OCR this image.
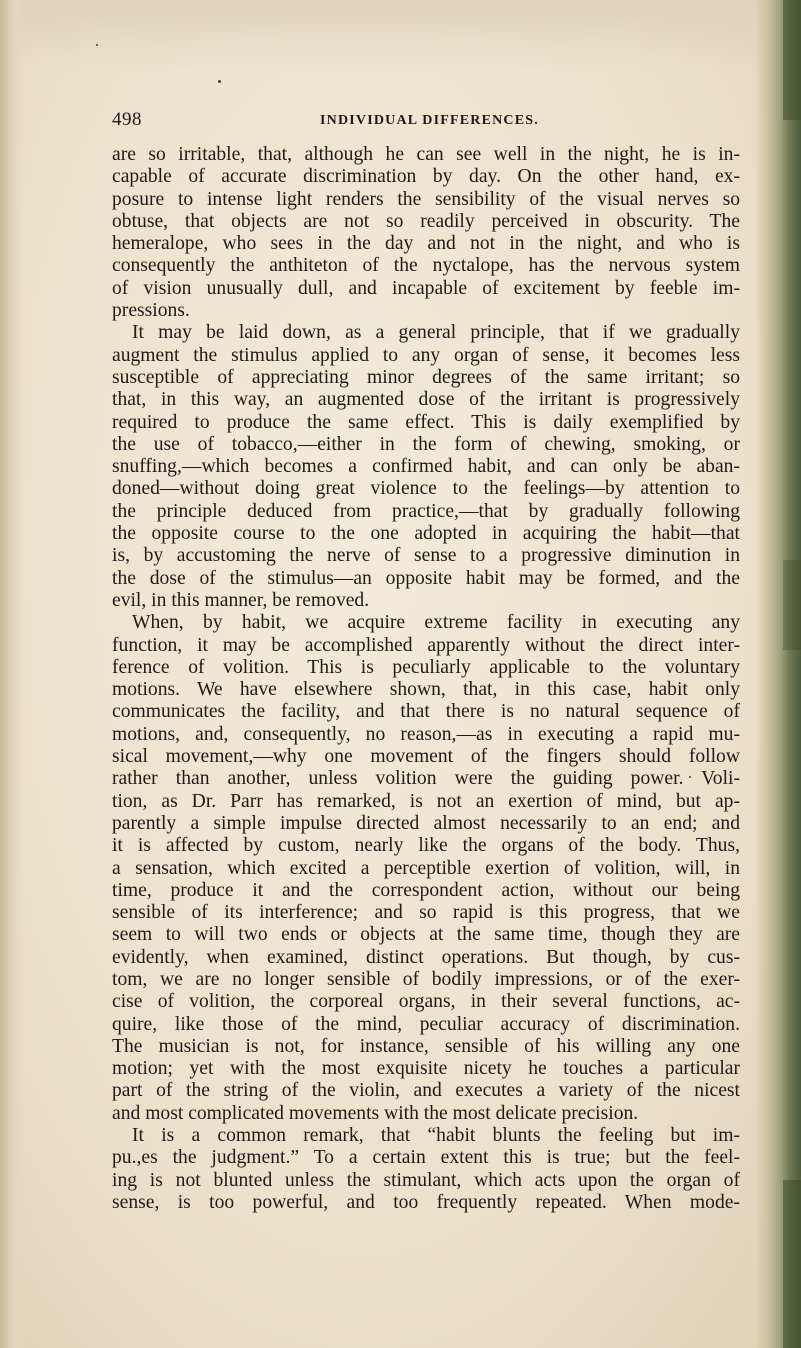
498	INDIVIDUAL DIFFERENCES.

are so irritable, that, although he can see well in the night, he is in-
capable of accurate discrimination by day. On the other hand, ex-
posure to intense light renders the sensibility of the visual nerves so
obtuse, that objects are not so readily perceived in obscurity. The
hemeralope, who sees in the day and not in the night, and who is
consequently the anthiteton of the nyctalope, has the nervous system
of vision unusually dull, and incapable of excitement by feeble im-
pressions.

It may be laid down, as a general principle, that if we gradually
augment the stimulus applied to any organ of sense, it becomes less
susceptible of appreciating minor degrees of the same irritant; so
that, in this way, an augmented dose of the irritant is progressively
required to produce the same effect. This is daily exemplified by
the use of tobacco,—either in the form of chewing, smoking, or
snuffing,—which becomes a confirmed habit, and can only be aban-
doned—without doing great violence to the feelings—by attention to
the principle deduced from practice,—that by gradually following
the opposite course to the one adopted in acquiring the habit—that
is, by accustoming the nerve of sense to a progressive diminution in
the dose of the stimulus—an opposite habit may be formed, and the
evil, in this manner, be removed.

When, by habit, we acquire extreme facility in executing any
function, it may be accomplished apparently without the direct inter-
ference of volition. This is peculiarly applicable to the voluntary
motions. We have elsewhere shown, that, in this case, habit only
communicates the facility, and that there is no natural sequence of
motions, and, consequently, no reason,—as in executing a rapid mu-
sical movement,—why one movement of the fingers should follow
rather than another, unless volition were the guiding power. Voli-
tion, as Dr. Parr has remarked, is not an exertion of mind, but ap-
parently a simple impulse directed almost necessarily to an end; and
it is affected by custom, nearly like the organs of the body. Thus,
a sensation, which excited a perceptible exertion of volition, will, in
time, produce it and the correspondent action, without our being
sensible of its interference; and so rapid is this progress, that we
seem to will two ends or objects at the same time, though they are
evidently, when examined, distinct operations. But though, by cus-
tom, we are no longer sensible of bodily impressions, or of the exer-
cise of volition, the corporeal organs, in their several functions, ac-
quire, like those of the mind, peculiar accuracy of discrimination.
The musician is not, for instance, sensible of his willing any one
motion; yet with the most exquisite nicety he touches a particular
part of the string of the violin, and executes a variety of the nicest
and most complicated movements with the most delicate precision.

It is a common remark, that “habit blunts the feeling but im-
pu.,es the judgment.” To a certain extent this is true; but the feel-
ing is not blunted unless the stimulant, which acts upon the organ of
sense, is too powerful, and too frequently repeated. When mode-
